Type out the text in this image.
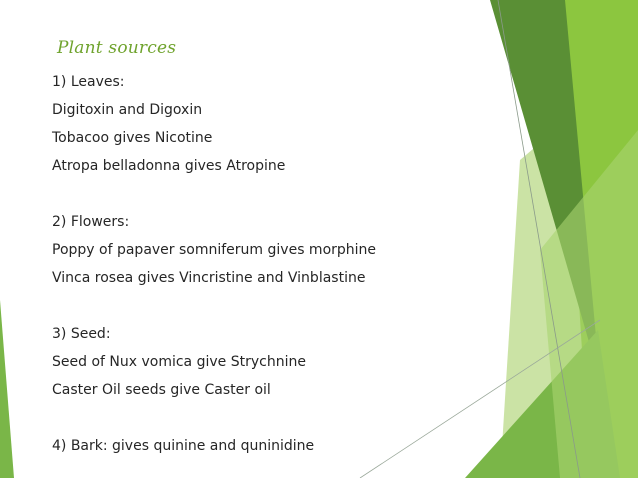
Plant sources
1) Leaves:
Digitoxin and Digoxin
Tobacoo gives Nicotine
Atropa belladonna gives Atropine
2) Flowers:
Poppy of papaver somniferum gives morphine
Vinca rosea gives Vincristine and Vinblastine
3) Seed:
Seed of Nux vomica give Strychnine
Caster Oil seeds give Caster oil
4) Bark: gives quinine and quninidine
